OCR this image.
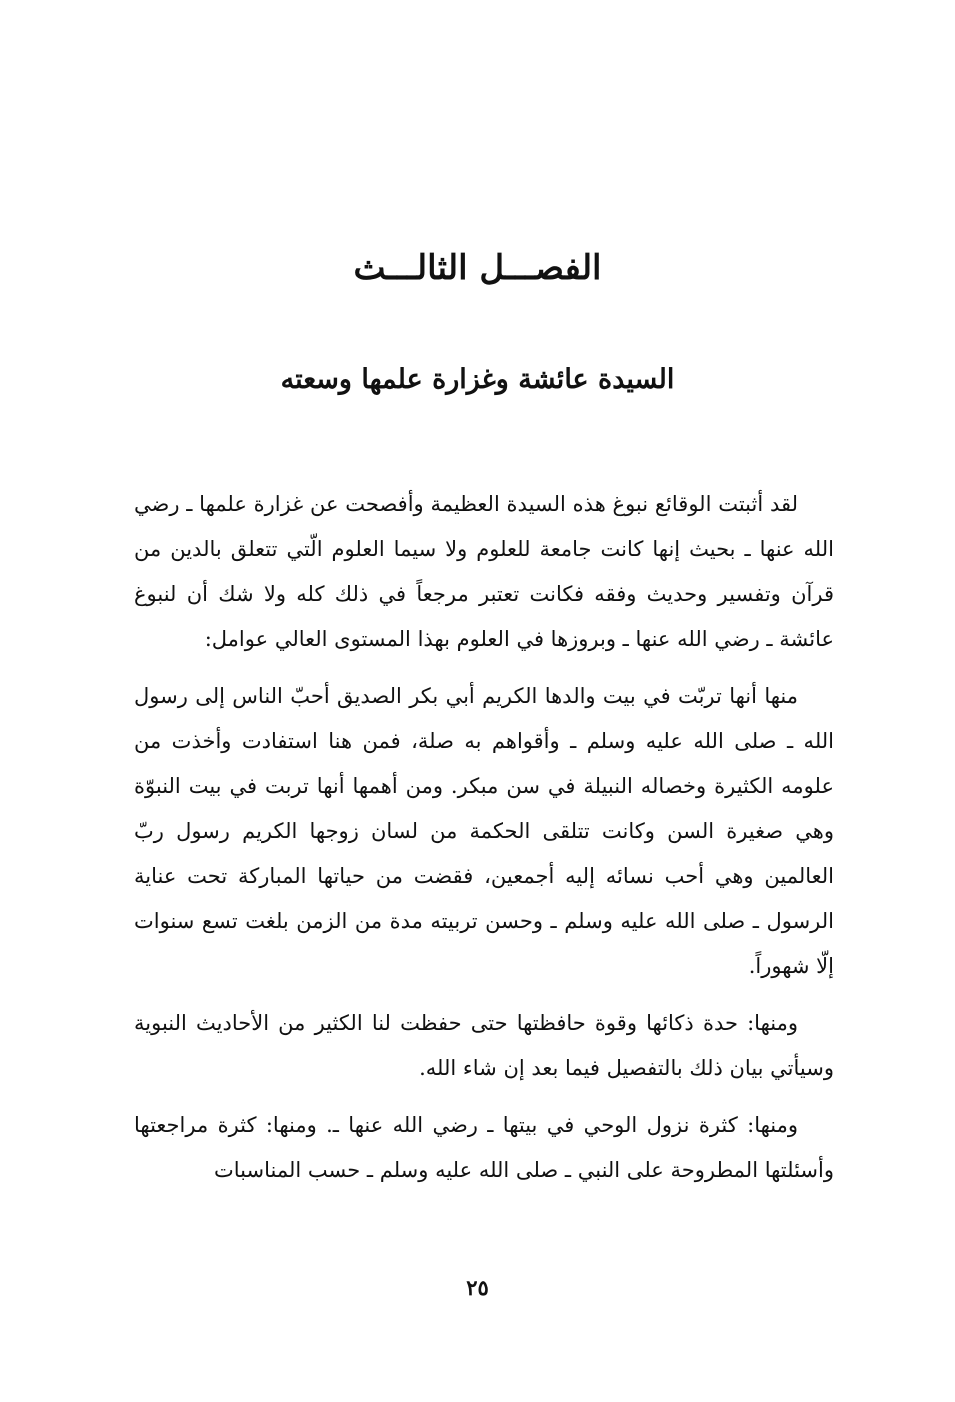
الفصـــل الثالـــث
السيدة عائشة وغزارة علمها وسعته

لقد أثبتت الوقائع نبوغ هذه السيدة العظيمة وأفصحت عن غزارة علمها ـ رضي الله عنها ـ بحيث إنها كانت جامعة للعلوم ولا سيما العلوم الّتي تتعلق بالدين من قرآن وتفسير وحديث وفقه فكانت تعتبر مرجعاً في ذلك كله ولا شك أن لنبوغ عائشة ـ رضي الله عنها ـ وبروزها في العلوم بهذا المستوى العالي عوامل:

منها أنها تربّت في بيت والدها الكريم أبي بكر الصديق أحبّ الناس إلى رسول الله ـ صلى الله عليه وسلم ـ وأقواهم به صلة، فمن هنا استفادت وأخذت من علومه الكثيرة وخصاله النبيلة في سن مبكر. ومن أهمها أنها تربت في بيت النبوّة وهي صغيرة السن وكانت تتلقى الحكمة من لسان زوجها الكريم رسول ربّ العالمين وهي أحب نسائه إليه أجمعين، فقضت من حياتها المباركة تحت عناية الرسول ـ صلى الله عليه وسلم ـ وحسن تربيته مدة من الزمن بلغت تسع سنوات إلّا شهوراً.

ومنها: حدة ذكائها وقوة حافظتها حتى حفظت لنا الكثير من الأحاديث النبوية وسيأتي بيان ذلك بالتفصيل فيما بعد إن شاء الله.

ومنها: كثرة نزول الوحي في بيتها ـ رضي الله عنها ـ. ومنها: كثرة مراجعتها وأسئلتها المطروحة على النبي ـ صلى الله عليه وسلم ـ حسب المناسبات

٢٥
